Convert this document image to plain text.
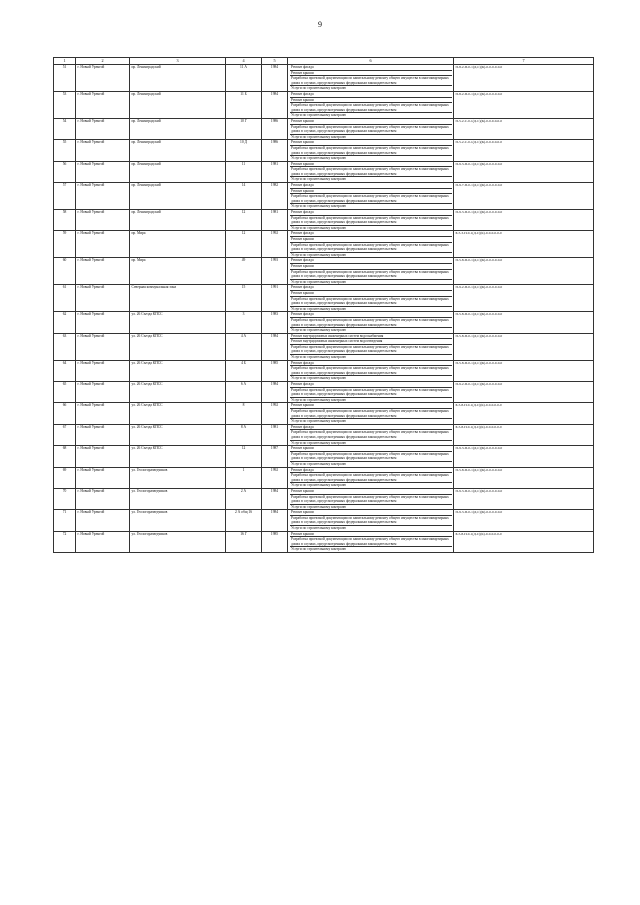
9
1	2	3	4	5	6	7
51	г. Новый Уренгой	пр. Ленинградский	11 А	1984	Ремонт фасада
Ремонт крыши
Разработка проектной документации по капитальному ремонту общего имущества в многоквартирных домах в случаях, предусмотренных федеральным законодательством
Услуги по строительному контролю	П-8-2-П-0-1(Д-С)(К)-0-0-0-0-0-0
53	г. Новый Уренгой	пр. Ленинградский	11 Б	1984	Ремонт фасада
Ремонт крыши
Разработка проектной документации по капитальному ремонту общего имущества в многоквартирных домах в случаях, предусмотренных федеральным законодательством
Услуги по строительному контролю	П-8-2-П-0-1(Д-С)(К)-0-0-0-0-0-0
54	г. Новый Уренгой	пр. Ленинградский	10 Г	1986	Ремонт крыши
Разработка проектной документации по капитальному ремонту общего имущества в многоквартирных домах в случаях, предусмотренных федеральным законодательством
Услуги по строительному контролю	П-5-2-С-0-1(Д-С)(К)-0-0-0-0-0-0
55	г. Новый Уренгой	пр. Ленинградский	10 Д	1986	Ремонт крыши
Разработка проектной документации по капитальному ремонту общего имущества в многоквартирных домах в случаях, предусмотренных федеральным законодательством
Услуги по строительному контролю	П-5-2-С-0-1(Д-С)(К)-0-0-0-0-0-0
56	г. Новый Уренгой	пр. Ленинградский	11	1981	Ремонт крыши
Разработка проектной документации по капитальному ремонту общего имущества в многоквартирных домах в случаях, предусмотренных федеральным законодательством
Услуги по строительному контролю	П-9-3-П-0-1(Д-С)(К)-0-0-0-0-0-0
57	г. Новый Уренгой	пр. Ленинградский	14	1982	Ремонт фасада
Ремонт крыши
Разработка проектной документации по капитальному ремонту общего имущества в многоквартирных домах в случаях, предусмотренных федеральным законодательством
Услуги по строительному контролю	П-9-7-П-0-1(Д-С)(К)-0-0-0-0-0-0
58	г. Новый Уренгой	пр. Ленинградский	12	1981	Ремонт фасада
Разработка проектной документации по капитальному ремонту общего имущества в многоквартирных домах в случаях, предусмотренных федеральным законодательством
Услуги по строительному контролю	П-9-3-П-0-1(Д-С)(К)-0-0-0-0-0-0
59	г. Новый Уренгой	пр. Мира	12	1992	Ремонт фасада
Ремонт крыши
Разработка проектной документации по капитальному ремонту общего имущества в многоквартирных домах в случаях, предусмотренных федеральным законодательством
Услуги по строительному контролю	Б-5-3-П-0-1(Д-С)(К)-0-0-0-0-0-0
60	г. Новый Уренгой	пр. Мира	49	1993	Ремонт фасада
Ремонт крыши
Разработка проектной документации по капитальному ремонту общего имущества в многоквартирных домах в случаях, предусмотренных федеральным законодательством
Услуги по строительному контролю	П-5-8-П-0-1(Д-С)(К)-0-0-0-0-0-0
61	г. Новый Уренгой	Северная коммунальная зона	15	1991	Ремонт фасада
Ремонт крыши
Разработка проектной документации по капитальному ремонту общего имущества в многоквартирных домах в случаях, предусмотренных федеральным законодательством
Услуги по строительному контролю	П-9-2-П-0-1(Д-С)(К)-0-0-0-0-0-0
62	г. Новый Уренгой	ул. 26 Съезда КПСС	3	1983	Ремонт фасада
Разработка проектной документации по капитальному ремонту общего имущества в многоквартирных домах в случаях, предусмотренных федеральным законодательством
Услуги по строительному контролю	П-5-8-П-0-1(Д-С)(К)-0-0-0-0-0-0
63	г. Новый Уренгой	ул. 26 Съезда КПСС	4 А	1984	Ремонт внутридомовых инженерных систем водоснабжения
Ремонт внутридомовых инженерных систем водоотведения
Разработка проектной документации по капитальному ремонту общего имущества в многоквартирных домах в случаях, предусмотренных федеральным законодательством
Услуги по строительному контролю	П-5-8-П-0-1(Д-С)(К)-0-0-0-0-0-0
64	г. Новый Уренгой	ул. 26 Съезда КПСС	4 Б	1985	Ремонт фасада
Разработка проектной документации по капитальному ремонту общего имущества в многоквартирных домах в случаях, предусмотренных федеральным законодательством
Услуги по строительному контролю	П-5-8-П-0-1(Д-С)(К)-0-0-0-0-0-0
65	г. Новый Уренгой	ул. 26 Съезда КПСС	6 А	1984	Ремонт фасада
Разработка проектной документации по капитальному ремонту общего имущества в многоквартирных домах в случаях, предусмотренных федеральным законодательством
Услуги по строительному контролю	П-9-2-П-0-1(Д-С)(К)-0-0-0-0-0-0
66	г. Новый Уренгой	ул. 26 Съезда КПСС	8	1992	Ремонт крыши
Разработка проектной документации по капитальному ремонту общего имущества в многоквартирных домах в случаях, предусмотренных федеральным законодательством
Услуги по строительному контролю	Б-5-8-П-0-1(Д-С)(К)-0-0-0-0-0-0
67	г. Новый Уренгой	ул. 26 Съезда КПСС	8 А	1981	Ремонт фасада
Разработка проектной документации по капитальному ремонту общего имущества в многоквартирных домах в случаях, предусмотренных федеральным законодательством
Услуги по строительному контролю	Б-5-8-П-0-1(Д-С)(К)-0-0-0-0-0-0
68	г. Новый Уренгой	ул. 26 Съезда КПСС	12	1987	Ремонт крыши
Разработка проектной документации по капитальному ремонту общего имущества в многоквартирных домах в случаях, предусмотренных федеральным законодательством
Услуги по строительному контролю	П-9-3-П-0-1(Д-С)(К)-0-0-0-0-0-0
69	г. Новый Уренгой	ул. Геологоразведчиков	1	1992	Ремонт фасада
Разработка проектной документации по капитальному ремонту общего имущества в многоквартирных домах в случаях, предусмотренных федеральным законодательством
Услуги по строительному контролю	П-5-8-П-0-1(Д-С)(К)-0-0-0-0-0-0
70	г. Новый Уренгой	ул. Геологоразведчиков	2 А	1984	Ремонт крыши
Разработка проектной документации по капитальному ремонту общего имущества в многоквартирных домах в случаях, предусмотренных федеральным законодательством
Услуги по строительному контролю	П-9-3-П-0-1(Д-С)(К)-0-0-0-0-0-0
71	г. Новый Уренгой	ул. Геологоразведчиков	2 А общ 16	1984	Ремонт крыши
Разработка проектной документации по капитальному ремонту общего имущества в многоквартирных домах в случаях, предусмотренных федеральным законодательством
Услуги по строительному контролю	П-9-3-П-0-1(Д-С)(К)-0-0-0-0-0-0
72	г. Новый Уренгой	ул. Геологоразведчиков	16 Г	1985	Ремонт крыши
Разработка проектной документации по капитальному ремонту общего имущества в многоквартирных домах в случаях, предусмотренных федеральным законодательством
Услуги по строительному контролю	Б-5-8-П-0-1(Д-С)(К)-0-0-0-0-0-0
